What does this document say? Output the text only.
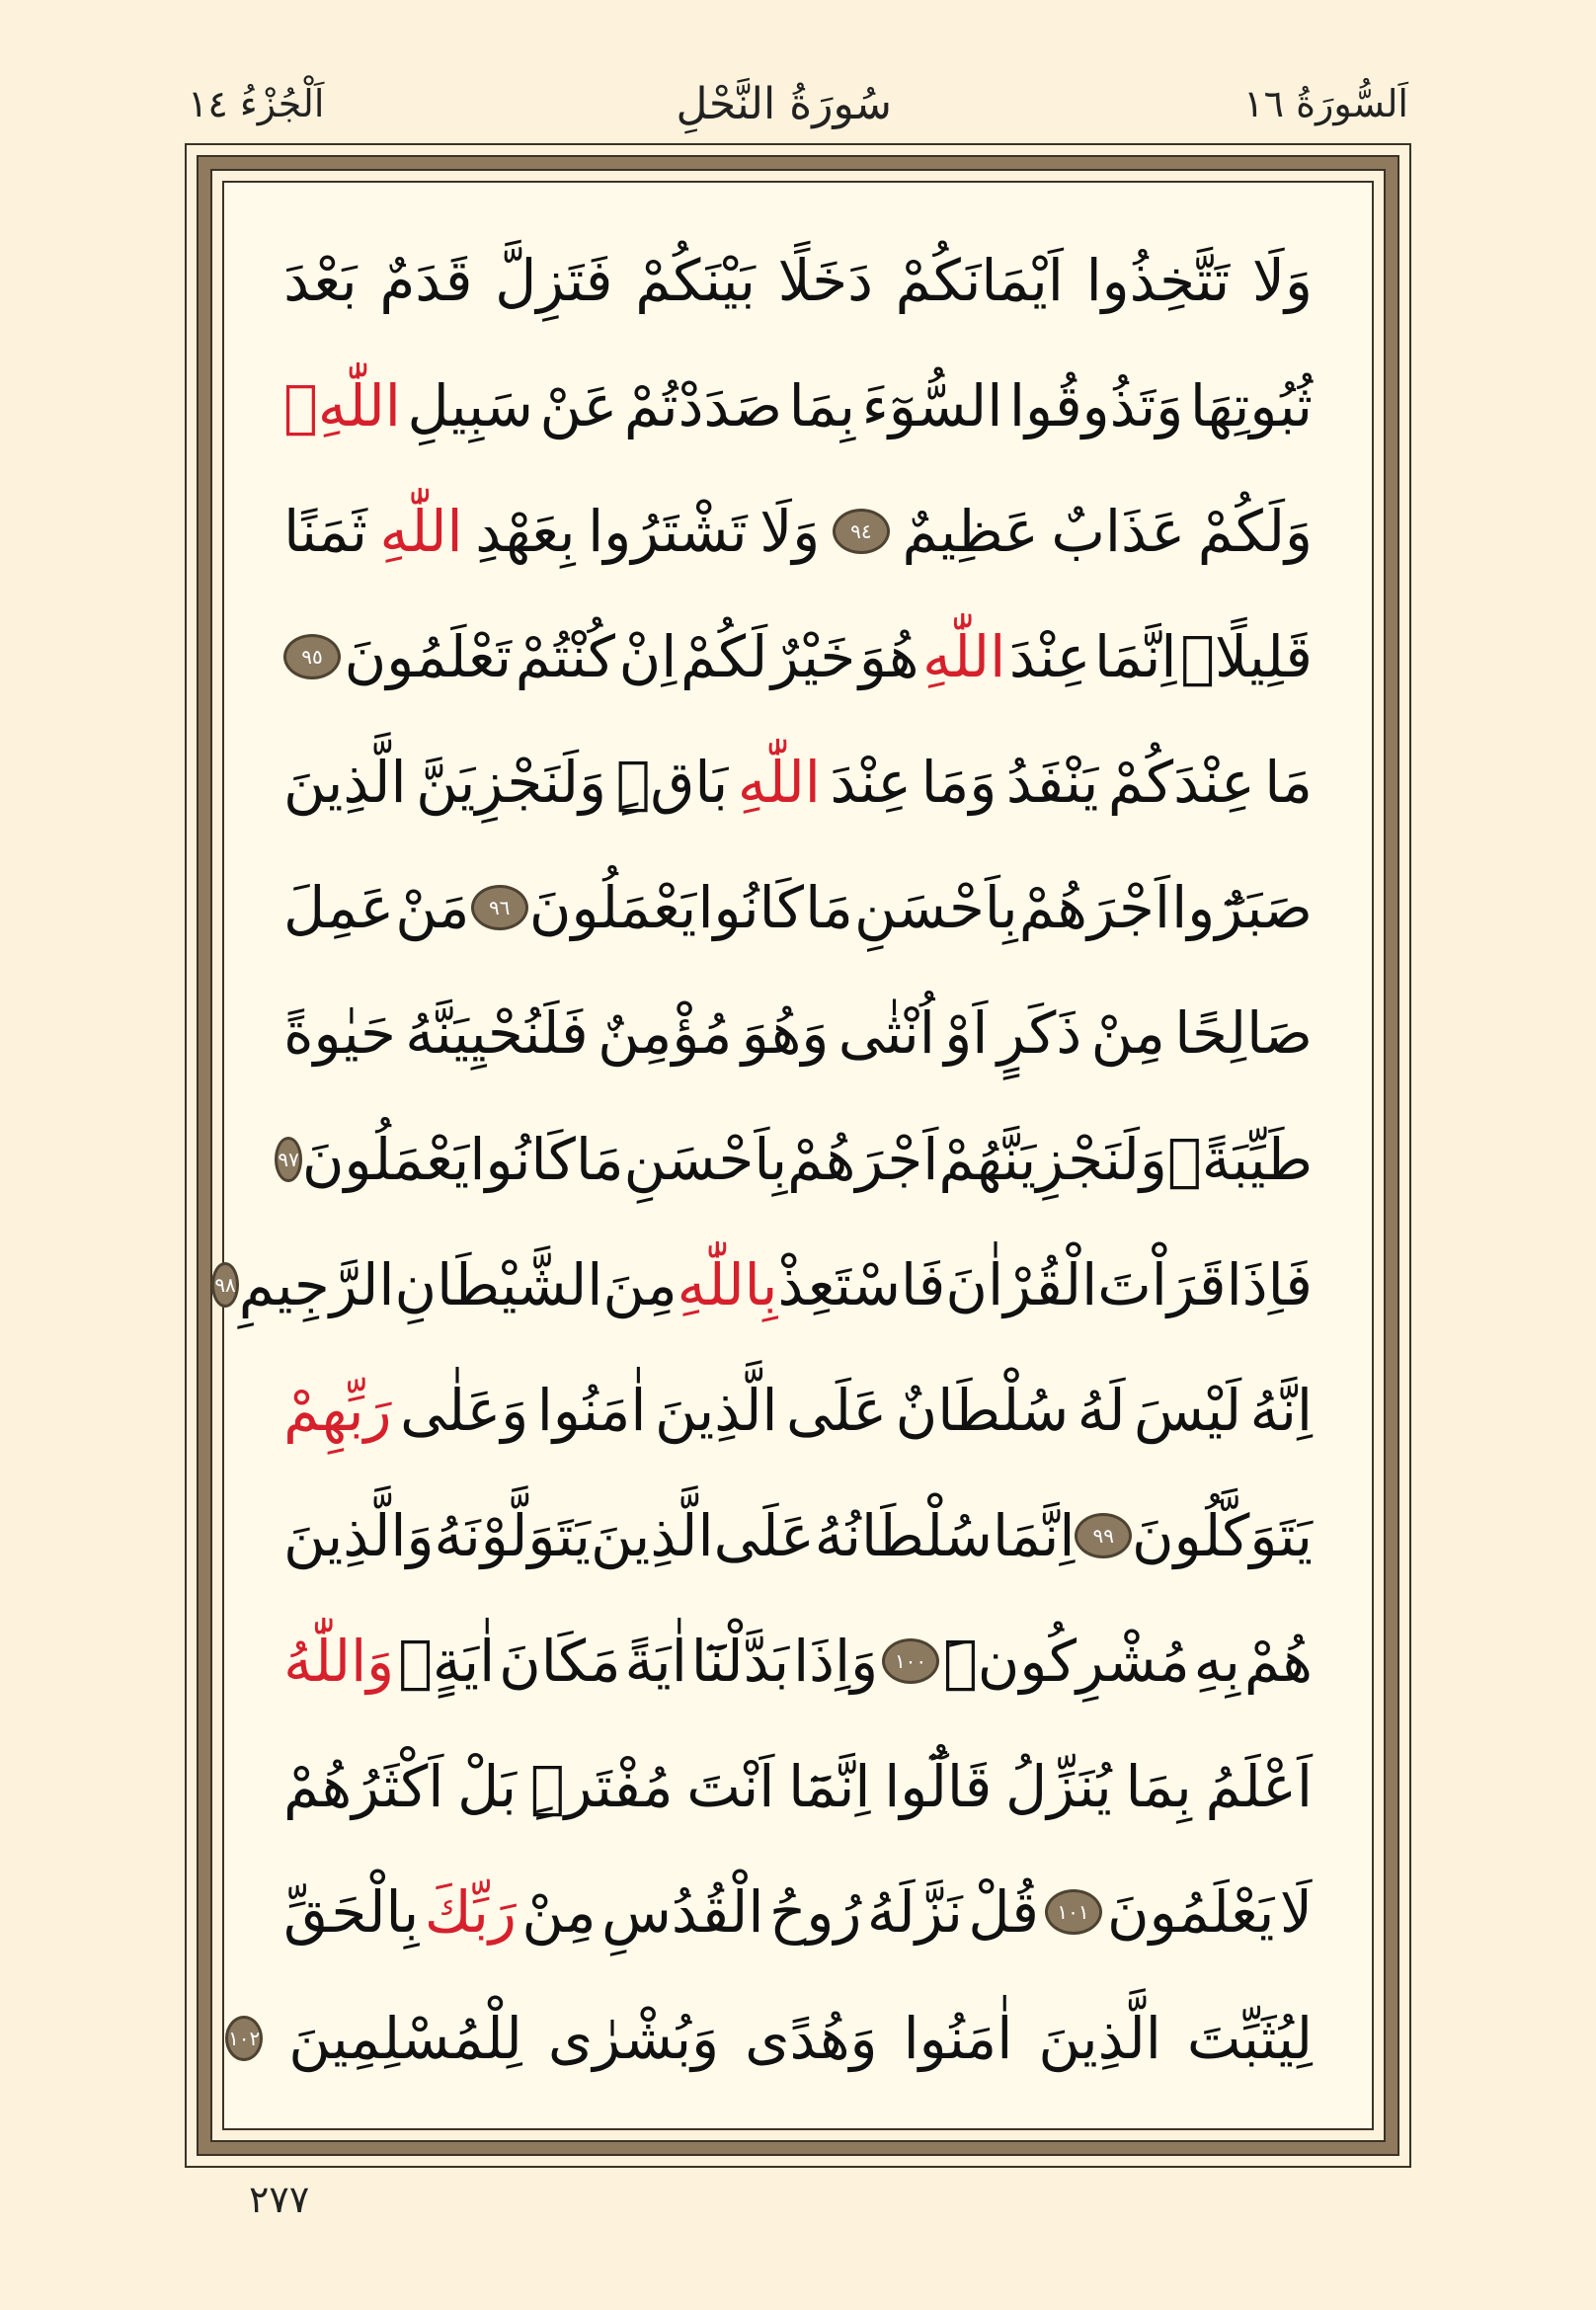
اَلسُّورَةُ ١٦
سُورَةُ النَّحْلِ
اَلْجُزْءُ ١٤
وَلَا
تَتَّخِذُوا
اَيْمَانَكُمْ
دَخَلًا
بَيْنَكُمْ
فَتَزِلَّ
قَدَمٌ
بَعْدَ
ثُبُوتِهَا
وَتَذُوقُوا
السُّوٓءَ
بِمَا
صَدَدْتُمْ
عَنْ
سَبِيلِ
اللّٰهِۚ
وَلَكُمْ
عَذَابٌ
عَظِيمٌ
٩٤
وَلَا
تَشْتَرُوا
بِعَهْدِ
اللّٰهِ
ثَمَنًا
قَلِيلًاۜ
اِنَّمَا
عِنْدَ
اللّٰهِ
هُوَ
خَيْرٌ
لَكُمْ
اِنْ
كُنْتُمْ
تَعْلَمُونَ
٩٥
مَا
عِنْدَكُمْ
يَنْفَدُ
وَمَا
عِنْدَ
اللّٰهِ
بَاقٍۜ
وَلَنَجْزِيَنَّ
الَّذِينَ
صَبَرُٓوا
اَجْرَهُمْ
بِاَحْسَنِ
مَا
كَانُوا
يَعْمَلُونَ
٩٦
مَنْ
عَمِلَ
صَالِحًا
مِنْ
ذَكَرٍ
اَوْ
اُنْثٰى
وَهُوَ
مُؤْمِنٌ
فَلَنُحْيِيَنَّهُ
حَيٰوةً
طَيِّبَةًۚ
وَلَنَجْزِيَنَّهُمْ
اَجْرَهُمْ
بِاَحْسَنِ
مَا
كَانُوا
يَعْمَلُونَ
٩٧
فَاِذَا
قَرَاْتَ
الْقُرْاٰنَ
فَاسْتَعِذْ
بِاللّٰهِ
مِنَ
الشَّيْطَانِ
الرَّجِيمِ
٩٨
اِنَّهُ
لَيْسَ
لَهُ
سُلْطَانٌ
عَلَى
الَّذِينَ
اٰمَنُوا
وَعَلٰى
رَبِّهِمْ
يَتَوَكَّلُونَ
٩٩
اِنَّمَا
سُلْطَانُهُ
عَلَى
الَّذِينَ
يَتَوَلَّوْنَهُ
وَالَّذِينَ
هُمْ
بِهِ
مُشْرِكُونَۜ
١٠٠
وَاِذَا
بَدَّلْنَٓا
اٰيَةً
مَكَانَ
اٰيَةٍۙ
وَاللّٰهُ
اَعْلَمُ
بِمَا
يُنَزِّلُ
قَالُٓوا
اِنَّمَٓا
اَنْتَ
مُفْتَرٍۜ
بَلْ
اَكْثَرُهُمْ
لَا
يَعْلَمُونَ
١٠١
قُلْ
نَزَّلَهُ
رُوحُ
الْقُدُسِ
مِنْ
رَبِّكَ
بِالْحَقِّ
لِيُثَبِّتَ
الَّذِينَ
اٰمَنُوا
وَهُدًى
وَبُشْرٰى
لِلْمُسْلِمِينَ
١٠٢
٢٧٧
